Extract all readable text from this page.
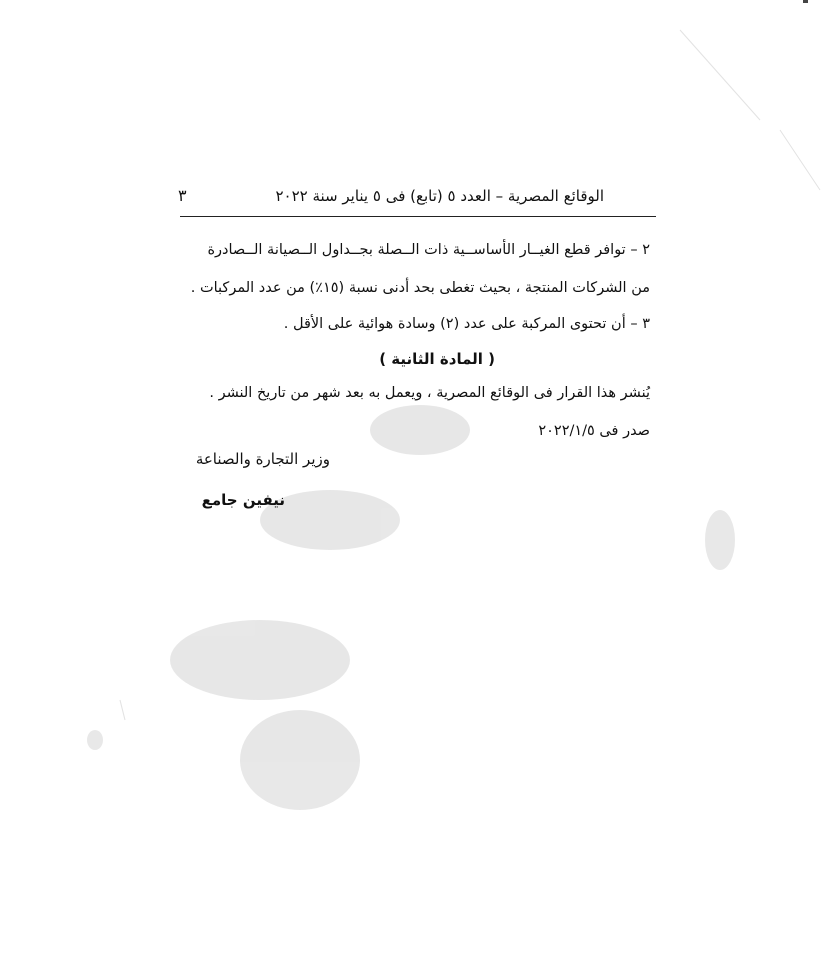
الوقائع المصرية – العدد ٥ (تابع) فى ٥ يناير سنة ٢٠٢٢
٣
٢ – توافر قطع الغيــار الأساســية ذات الــصلة بجــداول الــصيانة الــصادرة
من الشركات المنتجة ، بحيث تغطى بحد أدنى نسبة (١٥٪) من عدد المركبات .
٣ – أن تحتوى المركبة على عدد (٢) وسادة هوائية على الأقل .
( المادة الثانية )
يُنشر هذا القرار فى الوقائع المصرية ، ويعمل به بعد شهر من تاريخ النشر .
صدر فى ٢٠٢٢/١/٥
وزير التجارة والصناعة
نيفين جامع
